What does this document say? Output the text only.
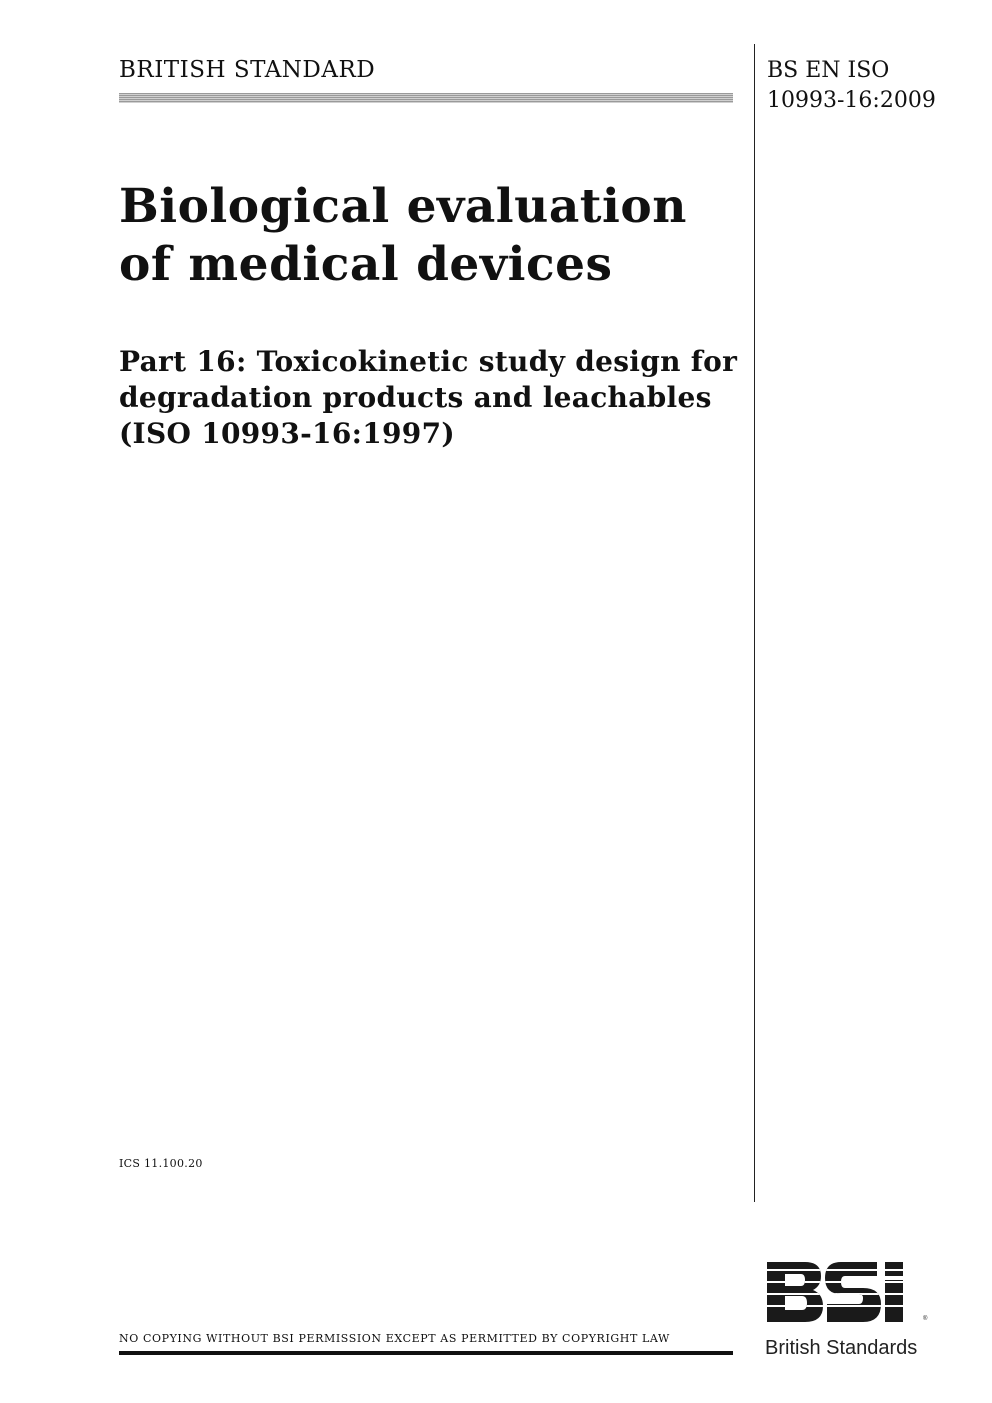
BRITISH STANDARD	BS EN ISO
10993-16:2009
Biological evaluation
of medical devices
Part 16: Toxicokinetic study design for
degradation products and leachables
(ISO 10993-16:1997)
ICS 11.100.20
NO COPYING WITHOUT BSI PERMISSION EXCEPT AS PERMITTED BY COPYRIGHT LAW
®
British Standards
